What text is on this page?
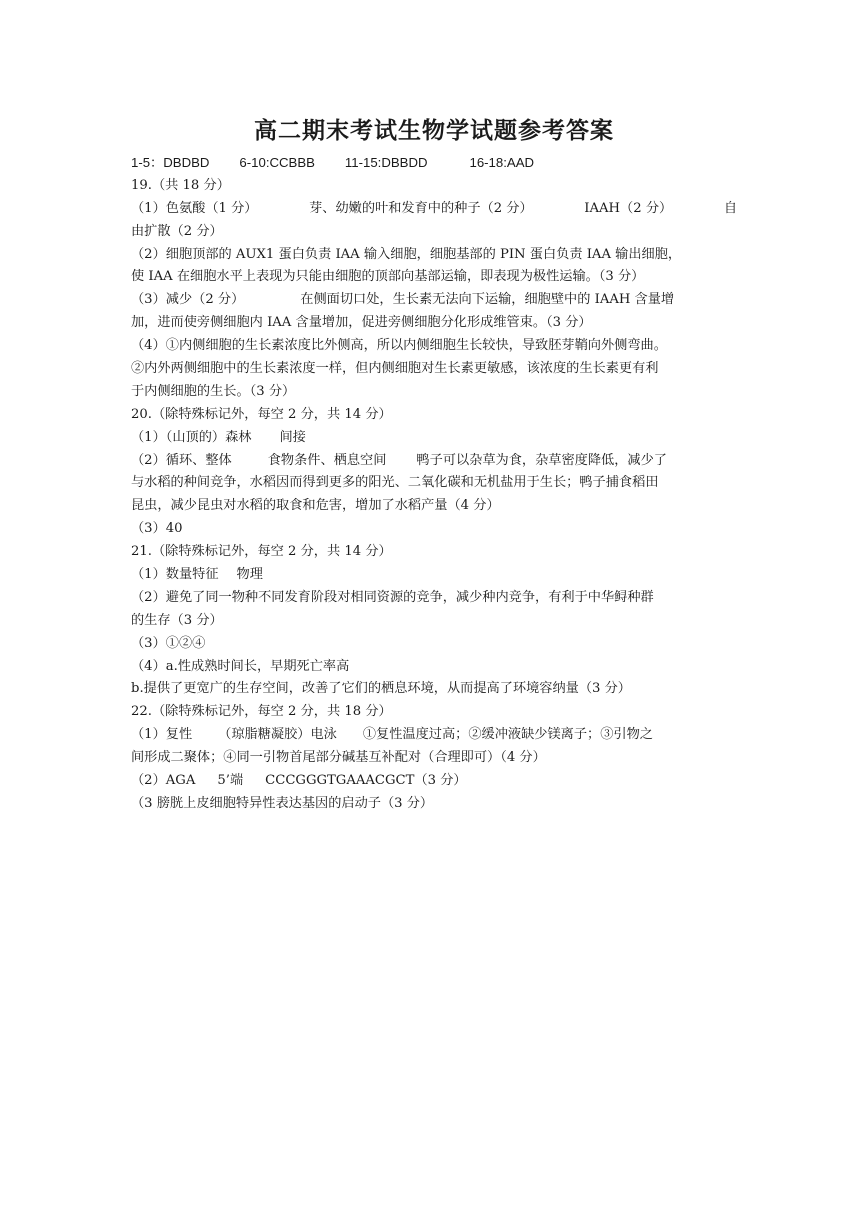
高二期末考试生物学试题参考答案
1-5：DBDBD 6-10:CCBBB 11-15:DBBDD	16-18:AAD
19.（共 18 分）
（1）色氨酸（1 分）	芽、幼嫩的叶和发育中的种子（2 分）	IAAH（2 分）	自
由扩散（2 分）
（2）细胞顶部的 AUX1 蛋白负责 IAA 输入细胞，细胞基部的 PIN 蛋白负责 IAA 输出细胞，
使 IAA 在细胞水平上表现为只能由细胞的顶部向基部运输，即表现为极性运输。（3 分）
（3）减少（2 分）	在侧面切口处，生长素无法向下运输，细胞壁中的 IAAH 含量增
加，进而使旁侧细胞内 IAA 含量增加，促进旁侧细胞分化形成维管束。（3 分）
（4）①内侧细胞的生长素浓度比外侧高，所以内侧细胞生长较快，导致胚芽鞘向外侧弯曲。
②内外两侧细胞中的生长素浓度一样，但内侧细胞对生长素更敏感，该浓度的生长素更有利
于内侧细胞的生长。（3 分）
20.（除特殊标记外，每空 2 分，共 14 分）
（1）（山顶的）森林 间接
（2）循环、整体	食物条件、栖息空间 鸭子可以杂草为食，杂草密度降低，减少了
与水稻的种间竞争，水稻因而得到更多的阳光、二氧化碳和无机盐用于生长；鸭子捕食稻田
昆虫，减少昆虫对水稻的取食和危害，增加了水稻产量（4 分）
（3）40
21.（除特殊标记外，每空 2 分，共 14 分）
（1）数量特征 物理
（2）避免了同一物种不同发育阶段对相同资源的竞争，减少种内竞争，有利于中华鲟种群
的生存（3 分）
（3）①②④
（4）a.性成熟时间长，早期死亡率高
b.提供了更宽广的生存空间，改善了它们的栖息环境，从而提高了环境容纳量（3 分）
22.（除特殊标记外，每空 2 分，共 18 分）
（1）复性 （琼脂糖凝胶）电泳 ①复性温度过高；②缓冲液缺少镁离子；③引物之
间形成二聚体；④同一引物首尾部分碱基互补配对（合理即可）（4 分）
（2）AGA 5’端 CCCGGGTGAAACGCT（3 分）
（3 膀胱上皮细胞特异性表达基因的启动子（3 分）
